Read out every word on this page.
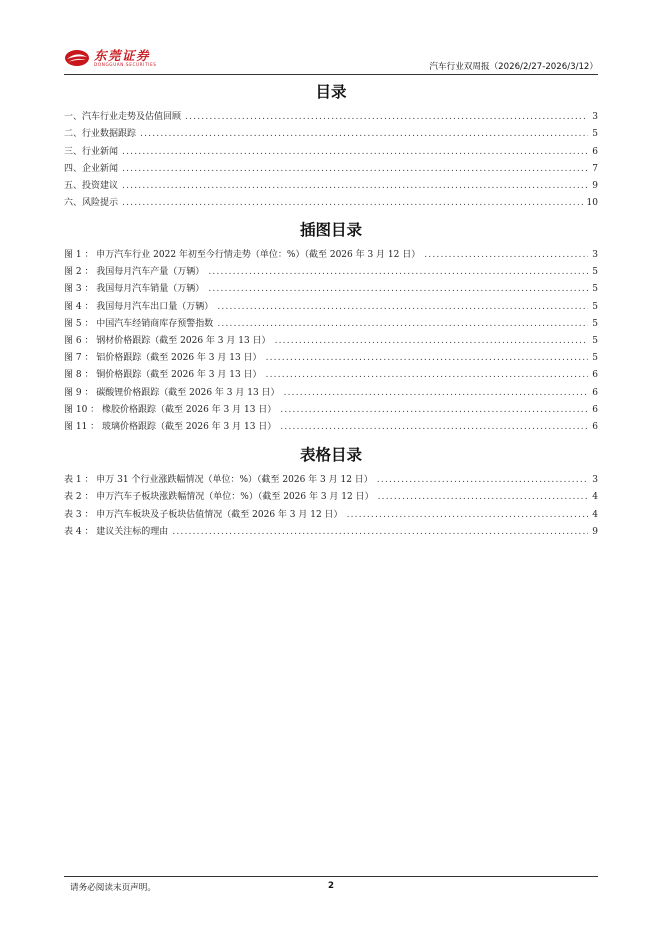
东莞证券
DONGGUAN SECURITIES	汽车行业双周报（2026/2/27-2026/3/12）
目录
一、汽车行业走势及估值回顾 .....	3
二、行业数据跟踪 .....	5
三、行业新闻 .....	6
四、企业新闻 .....	7
五、投资建议 .....	9
六、风险提示 .....	10
插图目录
图 1 ： 申万汽车行业 2022 年初至今行情走势（单位：%）（截至 2026 年 3 月 12 日） .....	3
图 2 ： 我国每月汽车产量（万辆） .....	5
图 3 ： 我国每月汽车销量（万辆） .....	5
图 4 ： 我国每月汽车出口量（万辆） .....	5
图 5 ： 中国汽车经销商库存预警指数 .....	5
图 6 ： 钢材价格跟踪（截至 2026 年 3 月 13 日） .....	5
图 7 ： 铝价格跟踪（截至 2026 年 3 月 13 日） .....	5
图 8 ： 铜价格跟踪（截至 2026 年 3 月 13 日） .....	6
图 9 ： 碳酸锂价格跟踪（截至 2026 年 3 月 13 日） .....	6
图 10 ： 橡胶价格跟踪（截至 2026 年 3 月 13 日） .....	6
图 11 ： 玻璃价格跟踪（截至 2026 年 3 月 13 日） .....	6
表格目录
表 1 ： 申万 31 个行业涨跌幅情况（单位：%）（截至 2026 年 3 月 12 日） .....	3
表 2 ： 申万汽车子板块涨跌幅情况（单位：%）（截至 2026 年 3 月 12 日） .....	4
表 3 ： 申万汽车板块及子板块估值情况（截至 2026 年 3 月 12 日） .....	4
表 4 ： 建议关注标的理由 .....	9
请务必阅读末页声明。	2
